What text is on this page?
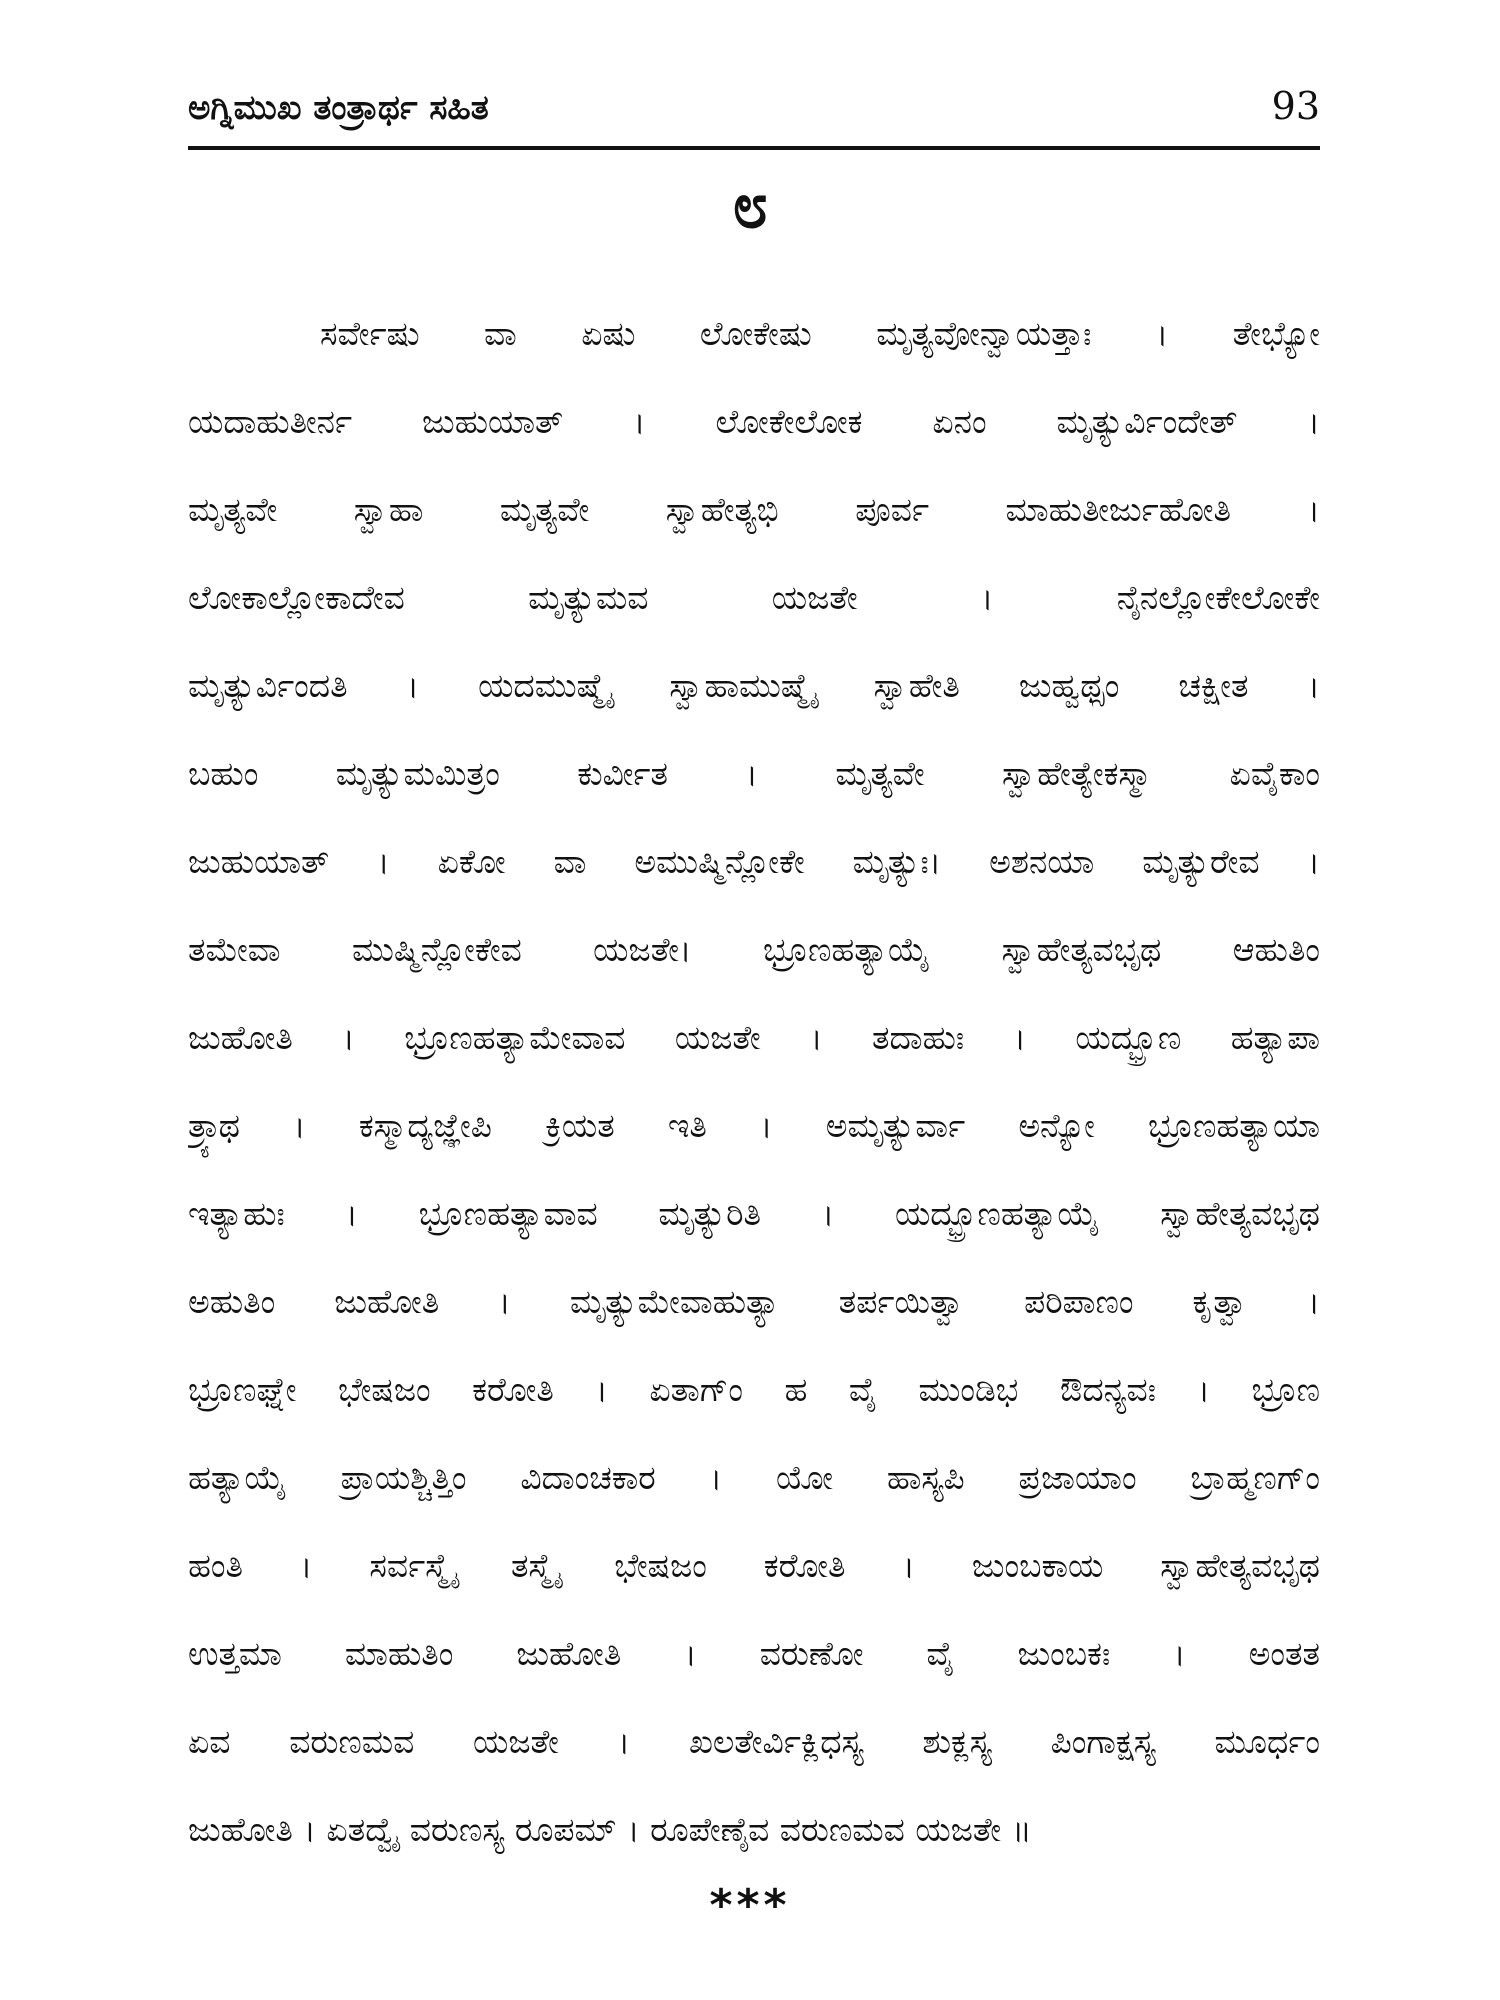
ಅಗ್ನಿಮುಖ ತಂತ್ರಾರ್ಥ ಸಹಿತ	93
೮
ಸರ್ವೇಷು ವಾ ಏಷು ಲೋಕೇಷು ಮೃತ್ಯವೋನ್ವಾಯತ್ತಾಃ । ತೇಭ್ಯೋ
ಯದಾಹುತೀರ್ನ ಜುಹುಯಾತ್ । ಲೋಕೇಲೋಕ ಏನಂ ಮೃತ್ಯುರ್ವಿಂದೇತ್ ।
ಮೃತ್ಯವೇ ಸ್ವಾಹಾ ಮೃತ್ಯವೇ ಸ್ವಾಹೇತ್ಯಭಿ ಪೂರ್ವ ಮಾಹುತೀರ್ಜುಹೋತಿ ।
ಲೋಕಾಲ್ಲೋಕಾದೇವ ಮೃತ್ಯುಮವ ಯಜತೇ । ನೈನಲ್ಲೋಕೇಲೋಕೇ
ಮೃತ್ಯುರ್ವಿಂದತಿ । ಯದಮುಷ್ಮೈ ಸ್ವಾಹಾಮುಷ್ಮೈ ಸ್ವಾಹೇತಿ ಜುಹ್ವಥ್ಸಂ ಚಕ್ಷೀತ ।
ಬಹುಂ ಮೃತ್ಯುಮಮಿತ್ರಂ ಕುರ್ವೀತ । ಮೃತ್ಯವೇ ಸ್ವಾಹೇತ್ಯೇಕಸ್ಮಾ ಏವೈಕಾಂ
ಜುಹುಯಾತ್ । ಏಕೋ ವಾ ಅಮುಷ್ಮಿನ್ಲೋಕೇ ಮೃತ್ಯುಃ। ಅಶನಯಾ ಮೃತ್ಯುರೇವ ।
ತಮೇವಾ ಮುಷ್ಮಿನ್ಲೋಕೇವ ಯಜತೇ। ಭ್ರೂಣಹತ್ಯಾಯೈ ಸ್ವಾಹೇತ್ಯವಭೃಥ ಆಹುತಿಂ
ಜುಹೋತಿ । ಭ್ರೂಣಹತ್ಯಾಮೇವಾವ ಯಜತೇ । ತದಾಹುಃ । ಯದ್ಭ್ರೂಣ ಹತ್ಯಾಪಾ
ತ್ರ್ಯಾಥ । ಕಸ್ಮಾದ್ಯಜ್ಞೇಪಿ ಕ್ರಿಯತ ಇತಿ । ಅಮೃತ್ಯುರ್ವಾ ಅನ್ಯೋ ಭ್ರೂಣಹತ್ಯಾಯಾ
ಇತ್ಯಾಹುಃ । ಭ್ರೂಣಹತ್ಯಾವಾವ ಮೃತ್ಯುರಿತಿ । ಯದ್ಭ್ರೂಣಹತ್ಯಾಯೈ ಸ್ವಾಹೇತ್ಯವಭೃಥ
ಅಹುತಿಂ ಜುಹೋತಿ । ಮೃತ್ಯುಮೇವಾಹುತ್ಯಾ ತರ್ಪಯಿತ್ವಾ ಪರಿಪಾಣಂ ಕೃತ್ವಾ ।
ಭ್ರೂಣಘ್ನೇ ಭೇಷಜಂ ಕರೋತಿ । ಏತಾಗ್ಂ ಹ ವೈ ಮುಂಡಿಭ ಔದನ್ಯವಃ । ಭ್ರೂಣ
ಹತ್ಯಾಯೈ ಪ್ರಾಯಶ್ಚಿತ್ತಿಂ ವಿದಾಂಚಕಾರ । ಯೋ ಹಾಸ್ಯಪಿ ಪ್ರಜಾಯಾಂ ಬ್ರಾಹ್ಮಣಗ್ಂ
ಹಂತಿ । ಸರ್ವಸ್ಮೈ ತಸ್ಮೈ ಭೇಷಜಂ ಕರೋತಿ । ಜುಂಬಕಾಯ ಸ್ವಾಹೇತ್ಯವಭೃಥ
ಉತ್ತಮಾ ಮಾಹುತಿಂ ಜುಹೋತಿ । ವರುಣೋ ವೈ ಜುಂಬಕಃ । ಅಂತತ
ಏವ ವರುಣಮವ ಯಜತೇ । ಖಲತೇರ್ವಿಕ್ಲಿಧಸ್ಯ ಶುಕ್ಲಸ್ಯ ಪಿಂಗಾಕ್ಷಸ್ಯ ಮೂರ್ಧಂ
ಜುಹೋತಿ । ಏತದ್ವೈ ವರುಣಸ್ಯ ರೂಪಮ್ । ರೂಪೇಣೈವ ವರುಣಮವ ಯಜತೇ ॥
***
